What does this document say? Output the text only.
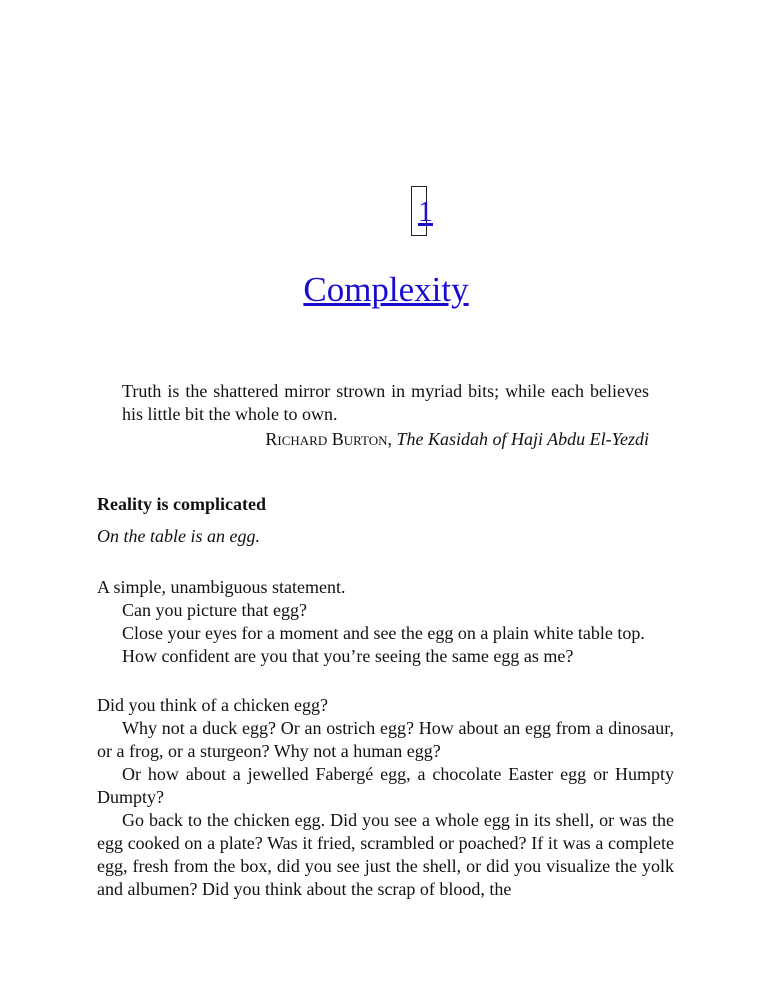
1
Complexity

Truth is the shattered mirror strown in myriad bits; while each believes his little bit the whole to own.

Richard Burton, The Kasidah of Haji Abdu El-Yezdi

Reality is complicated
On the table is an egg.

A simple, unambiguous statement.

Can you picture that egg?

Close your eyes for a moment and see the egg on a plain white table top.

How confident are you that you’re seeing the same egg as me?

Did you think of a chicken egg?

Why not a duck egg? Or an ostrich egg? How about an egg from a dinosaur, or a frog, or a sturgeon? Why not a human egg?

Or how about a jewelled Fabergé egg, a chocolate Easter egg or Humpty Dumpty?

Go back to the chicken egg. Did you see a whole egg in its shell, or was the egg cooked on a plate? Was it fried, scrambled or poached? If it was a complete egg, fresh from the box, did you see just the shell, or did you visualize the yolk and albumen? Did you think about the scrap of blood, the
